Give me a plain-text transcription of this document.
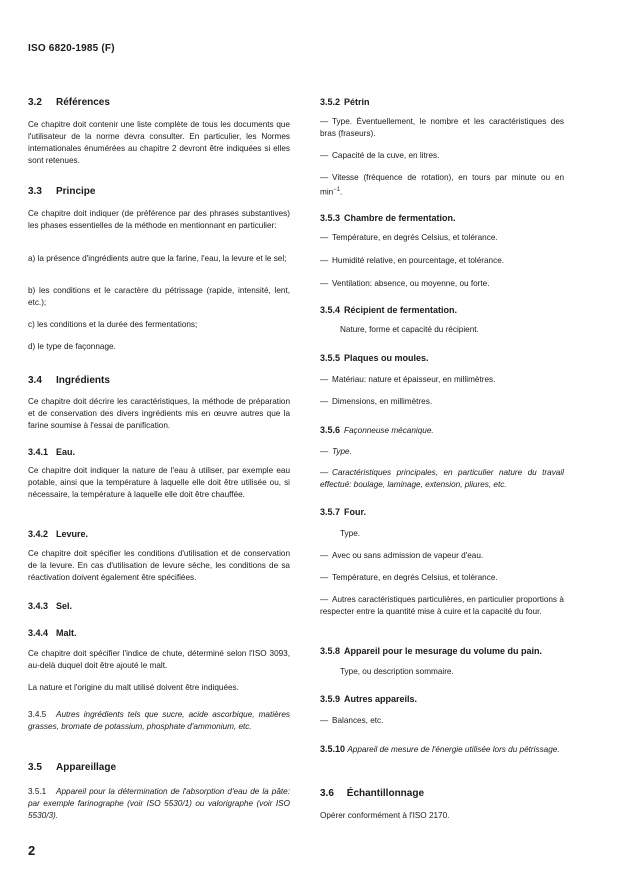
ISO 6820-1985 (F)
3.2 Références
Ce chapitre doit contenir une liste complète de tous les documents que l'utilisateur de la norme devra consulter. En particulier, les Normes internationales énumérées au chapitre 2 devront être indiquées si elles sont retenues.
3.3 Principe
Ce chapitre doit indiquer (de préférence par des phrases substantives) les phases essentielles de la méthode en mentionnant en particulier:
a) la présence d'ingrédients autre que la farine, l'eau, la levure et le sel;
b) les conditions et le caractère du pétrissage (rapide, intensité, lent, etc.);
c) les conditions et la durée des fermentations;
d) le type de façonnage.
3.4 Ingrédients
Ce chapitre doit décrire les caractéristiques, la méthode de préparation et de conservation des divers ingrédients mis en œuvre autres que la farine soumise à l'essai de panification.
3.4.1 Eau.
Ce chapitre doit indiquer la nature de l'eau à utiliser, par exemple eau potable, ainsi que la température à laquelle elle doit être utilisée ou, si nécessaire, la température à laquelle elle doit être chauffée.
3.4.2 Levure.
Ce chapitre doit spécifier les conditions d'utilisation et de conservation de la levure. En cas d'utilisation de levure sèche, les conditions de sa réactivation doivent également être spécifiées.
3.4.3 Sel.
3.4.4 Malt.
Ce chapitre doit spécifier l'indice de chute, déterminé selon l'ISO 3093, au-delà duquel doit être ajouté le malt.
La nature et l'origine du malt utilisé doivent être indiquées.
3.4.5 Autres ingrédients tels que sucre, acide ascorbique, matières grasses, bromate de potassium, phosphate d'ammonium, etc.
3.5 Appareillage
3.5.1 Appareil pour la détermination de l'absorption d'eau de la pâte: par exemple farinographe (voir ISO 5530/1) ou valorigraphe (voir ISO 5530/3).
3.5.2 Pétrin
— Type. Éventuellement, le nombre et les caractéristiques des bras (fraseurs).
— Capacité de la cuve, en litres.
— Vitesse (fréquence de rotation), en tours par minute ou en $\min^{-1}$.
3.5.3 Chambre de fermentation.
— Température, en degrés Celsius, et tolérance.
— Humidité relative, en pourcentage, et tolérance.
— Ventilation: absence, ou moyenne, ou forte.
3.5.4 Récipient de fermentation.
Nature, forme et capacité du récipient.
3.5.5 Plaques ou moules.
— Matériau: nature et épaisseur, en millimètres.
— Dimensions, en millimètres.
3.5.6 Façonneuse mécanique.
— Type.
— Caractéristiques principales, en particulier nature du travail effectué: boulage, laminage, extension, pliures, etc.
3.5.7 Four.
Type.
— Avec ou sans admission de vapeur d'eau.
— Température, en degrés Celsius, et tolérance.
— Autres caractéristiques particulières, en particulier proportions à respecter entre la quantité mise à cuire et la capacité du four.
3.5.8 Appareil pour le mesurage du volume du pain.
Type, ou description sommaire.
3.5.9 Autres appareils.
— Balances, etc.
3.5.10 Appareil de mesure de l'énergie utilisée lors du pétrissage.
3.6 Échantillonnage
Opérer conformément à l'ISO 2170.
2
